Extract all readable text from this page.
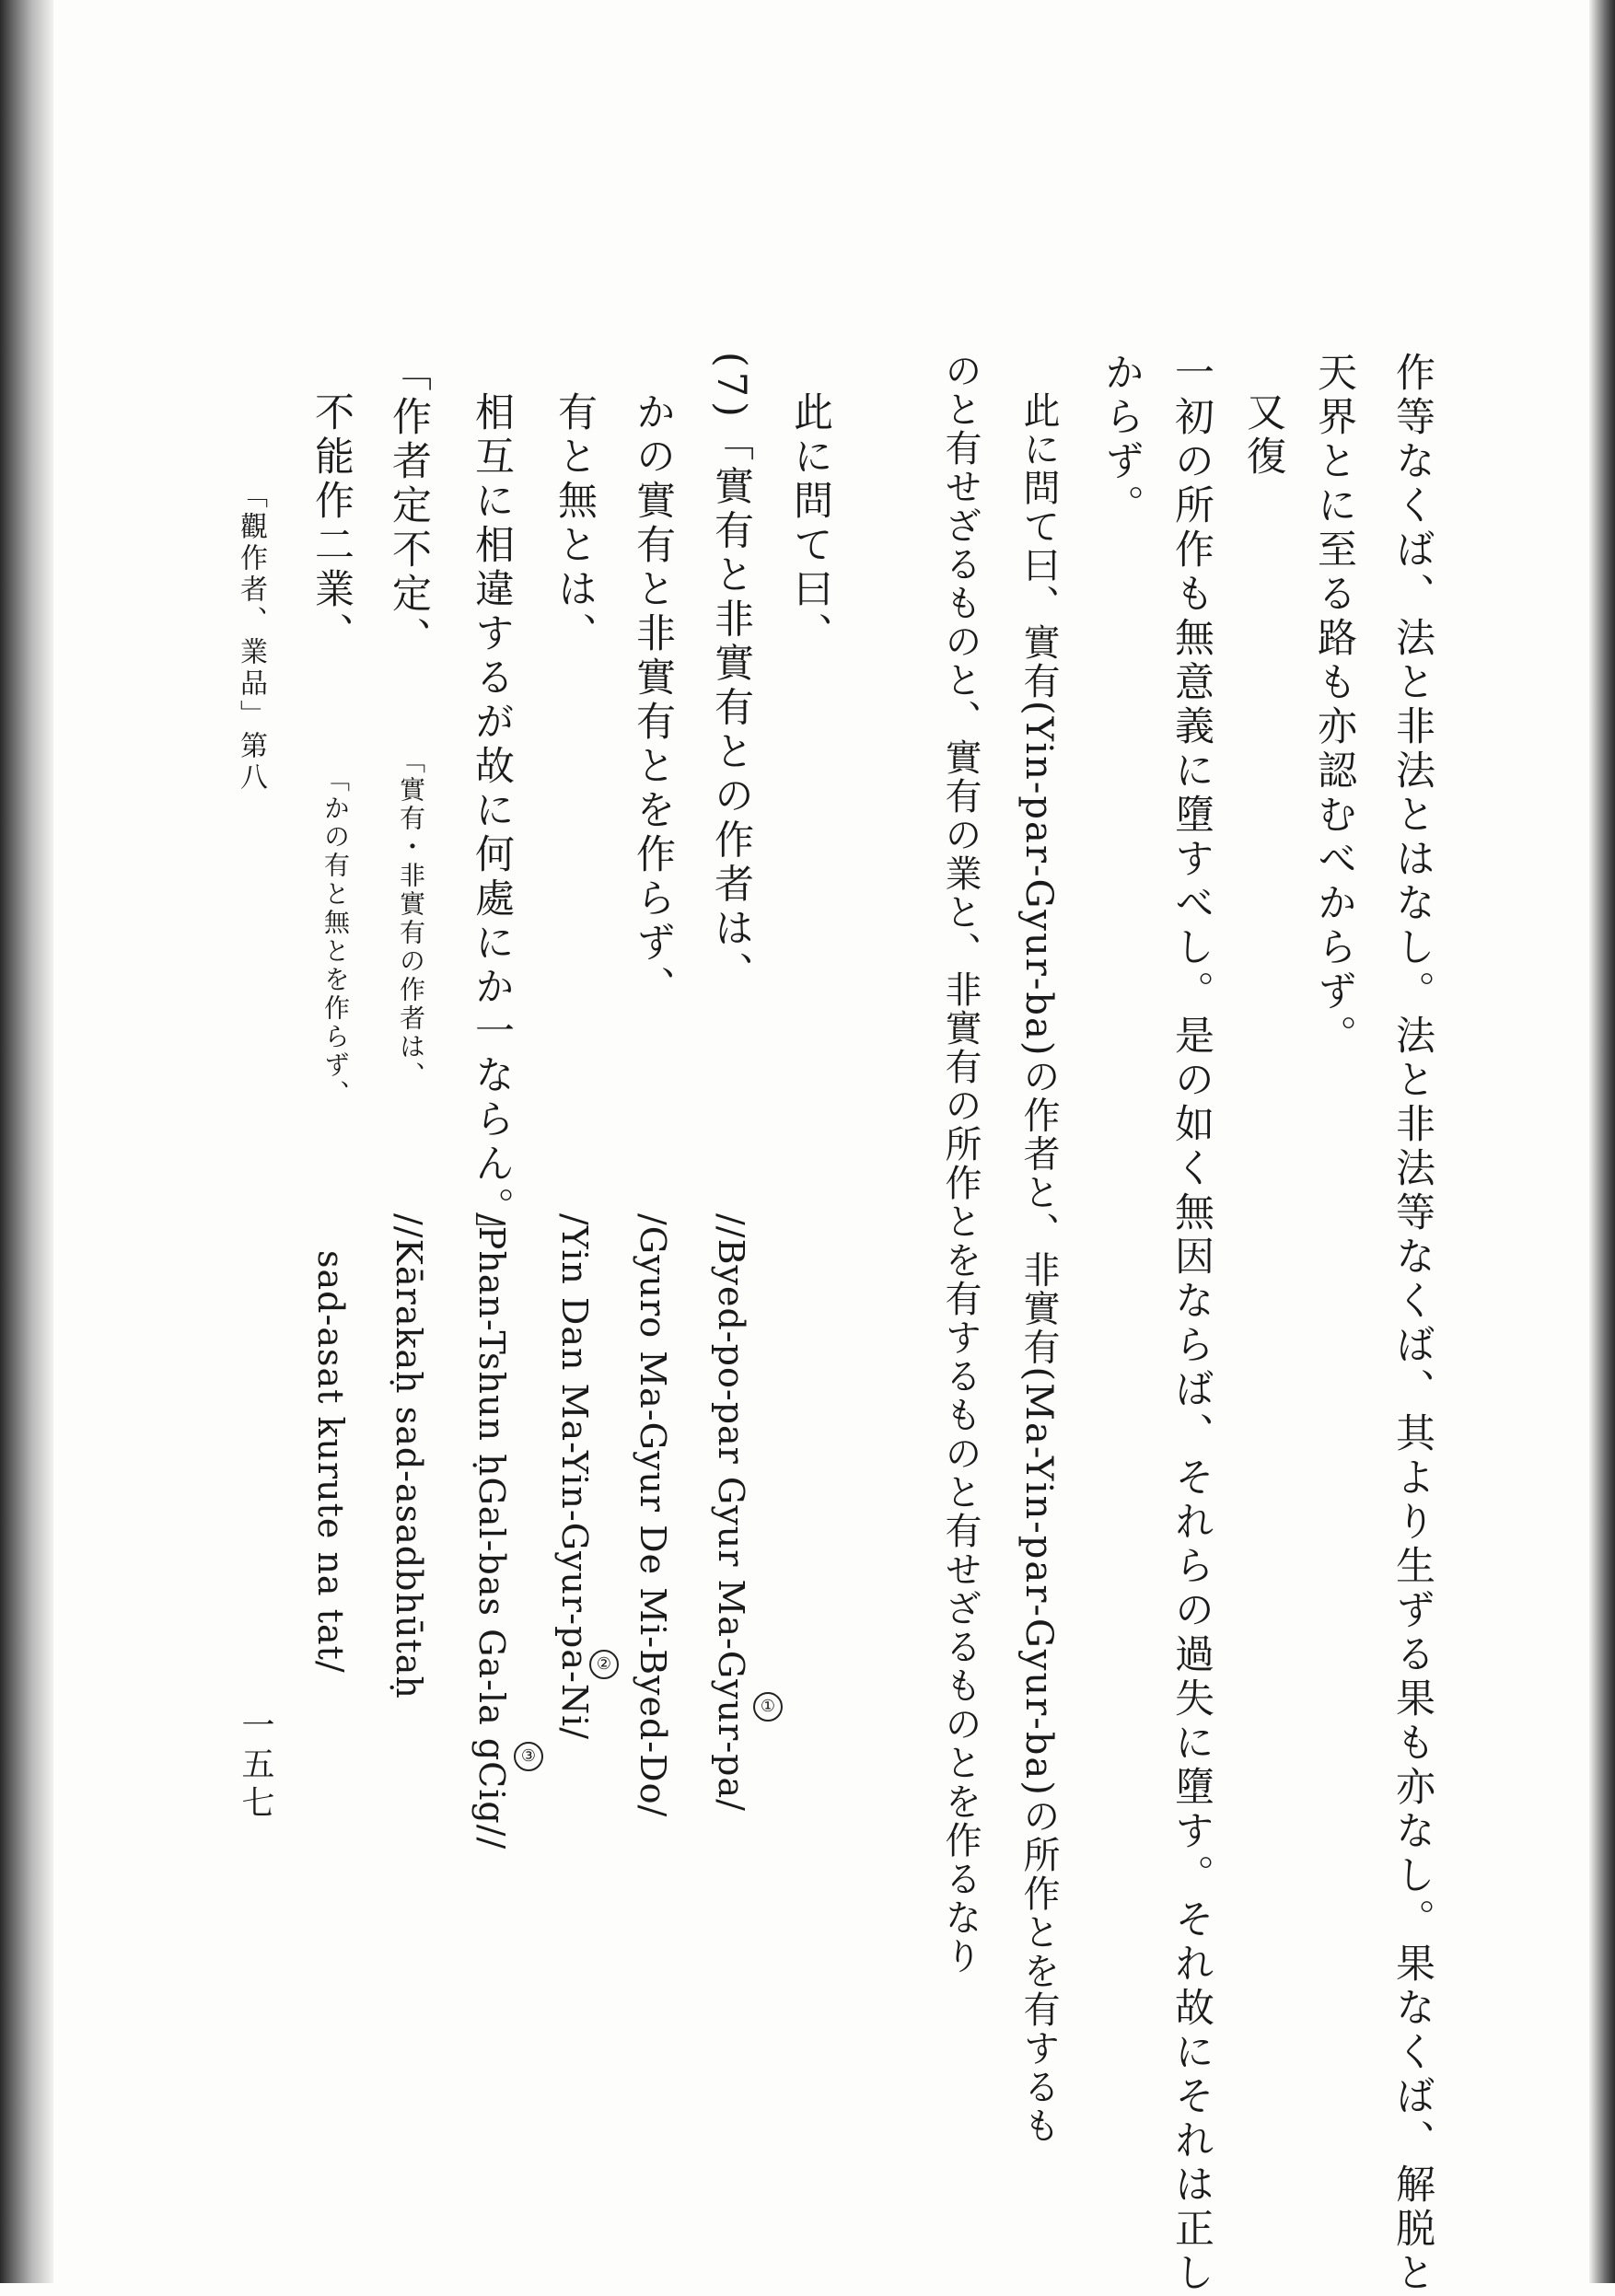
作等なくば、法と非法とはなし。法と非法等なくば、其より生ずる果も亦なし。果なくば、解脱と
天界とに至る路も亦認むべからず。
又復
一初の所作も無意義に墮すべし。是の如く無因ならば、それらの過失に墮す。それ故にそれは正し
からず。
此に問て曰、實有(Yin-par-Gyur-ba)の作者と、非實有(Ma-Yin-par-Gyur-ba)の所作とを有するも
のと有せざるものと、實有の業と、非實有の所作とを有するものと有せざるものとを作るなり
此に問て曰、
(7)「實有と非實有との作者は、
かの實有と非實有とを作らず、
有と無とは、
相互に相違するが故に何處にか一ならん。」
//Byed-po-par Gyur Ma-Gyur-pa/
/Gyuro Ma-Gyur De Mi-Byed-Do/
/Yin Dan Ma-Yin-Gyur-pa-Ni/
/Phan-Tshun ḥGal-bas Ga-la gCig//	①
②
③
「作者定不定、
不能作二業、
「實有・非實有の作者は、
「かの有と無とを作らず、
//Kārakaḥ sad-asadbhūtaḥ
sad-asat kurute na tat/
「觀作者、業品」第八
一五七
